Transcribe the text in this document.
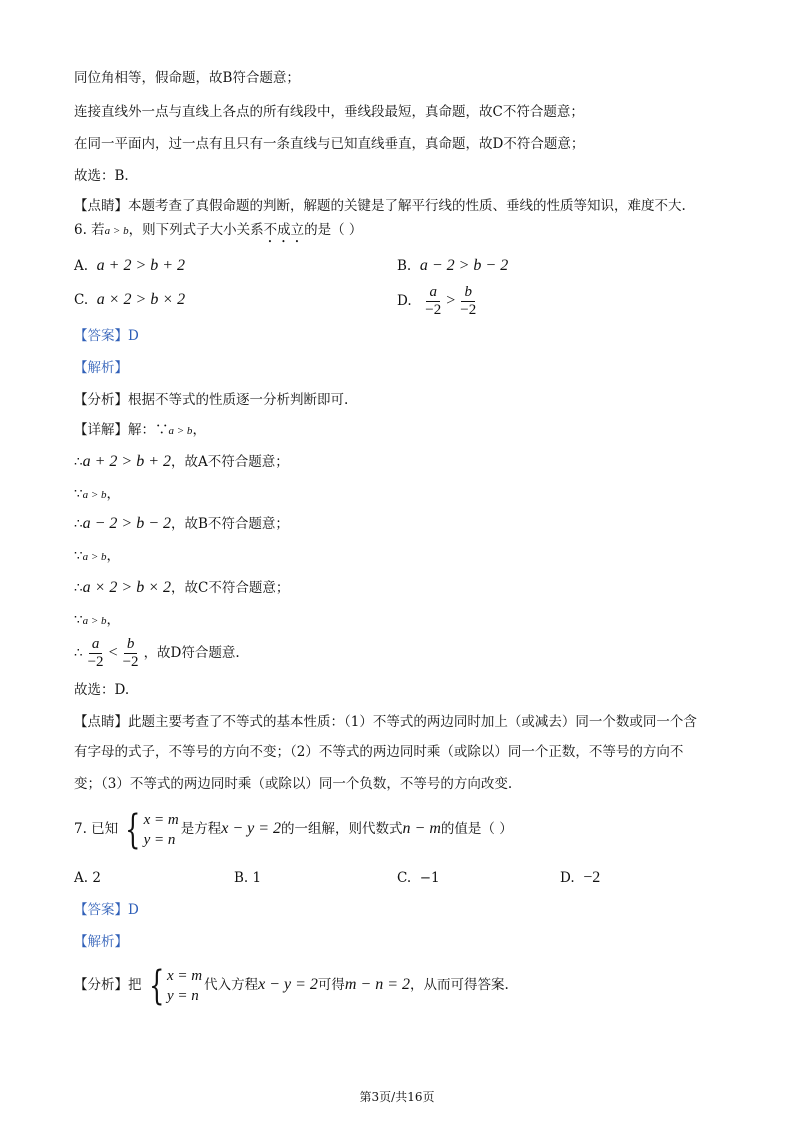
同位角相等，假命题，故B符合题意；
连接直线外一点与直线上各点的所有线段中，垂线段最短，真命题，故C不符合题意；
在同一平面内，过一点有且只有一条直线与已知直线垂直，真命题，故D不符合题意；
故选：B.
【点睛】本题考查了真假命题的判断，解题的关键是了解平行线的性质、垂线的性质等知识，难度不大.
6. 若a > b，则下列式子大小关系不成立的是（ ）
A. a + 2 > b + 2	B. a − 2 > b − 2
C. a × 2 > b × 2	D. $\frac{a}{-2} > \frac{b}{-2}$
【答案】D
【解析】
【分析】根据不等式的性质逐一分析判断即可.
【详解】解：∵a > b，
∴a + 2 > b + 2，故A不符合题意；
∵a > b，
∴a − 2 > b − 2，故B不符合题意；
∵a > b，
∴a × 2 > b × 2，故C不符合题意；
∵a > b，
∴ $\frac{a}{-2} < \frac{b}{-2}$ ，故D符合题意.
故选：D.
【点睛】此题主要考查了不等式的基本性质：（1）不等式的两边同时加上（或减去）同一个数或同一个含
有字母的式子，不等号的方向不变；（2）不等式的两边同时乘（或除以）同一个正数，不等号的方向不
变；（3）不等式的两边同时乘（或除以）同一个负数，不等号的方向改变.
7. 已知 { x = m
y = n
是方程x − y = 2的一组解，则代数式n − m的值是（ ）
A. 2	B. 1	C. −1	D. −2
【答案】D
【解析】
【分析】把 { x = m
y = n
代入方程x − y = 2可得m − n = 2，从而可得答案.
第3页/共16页
